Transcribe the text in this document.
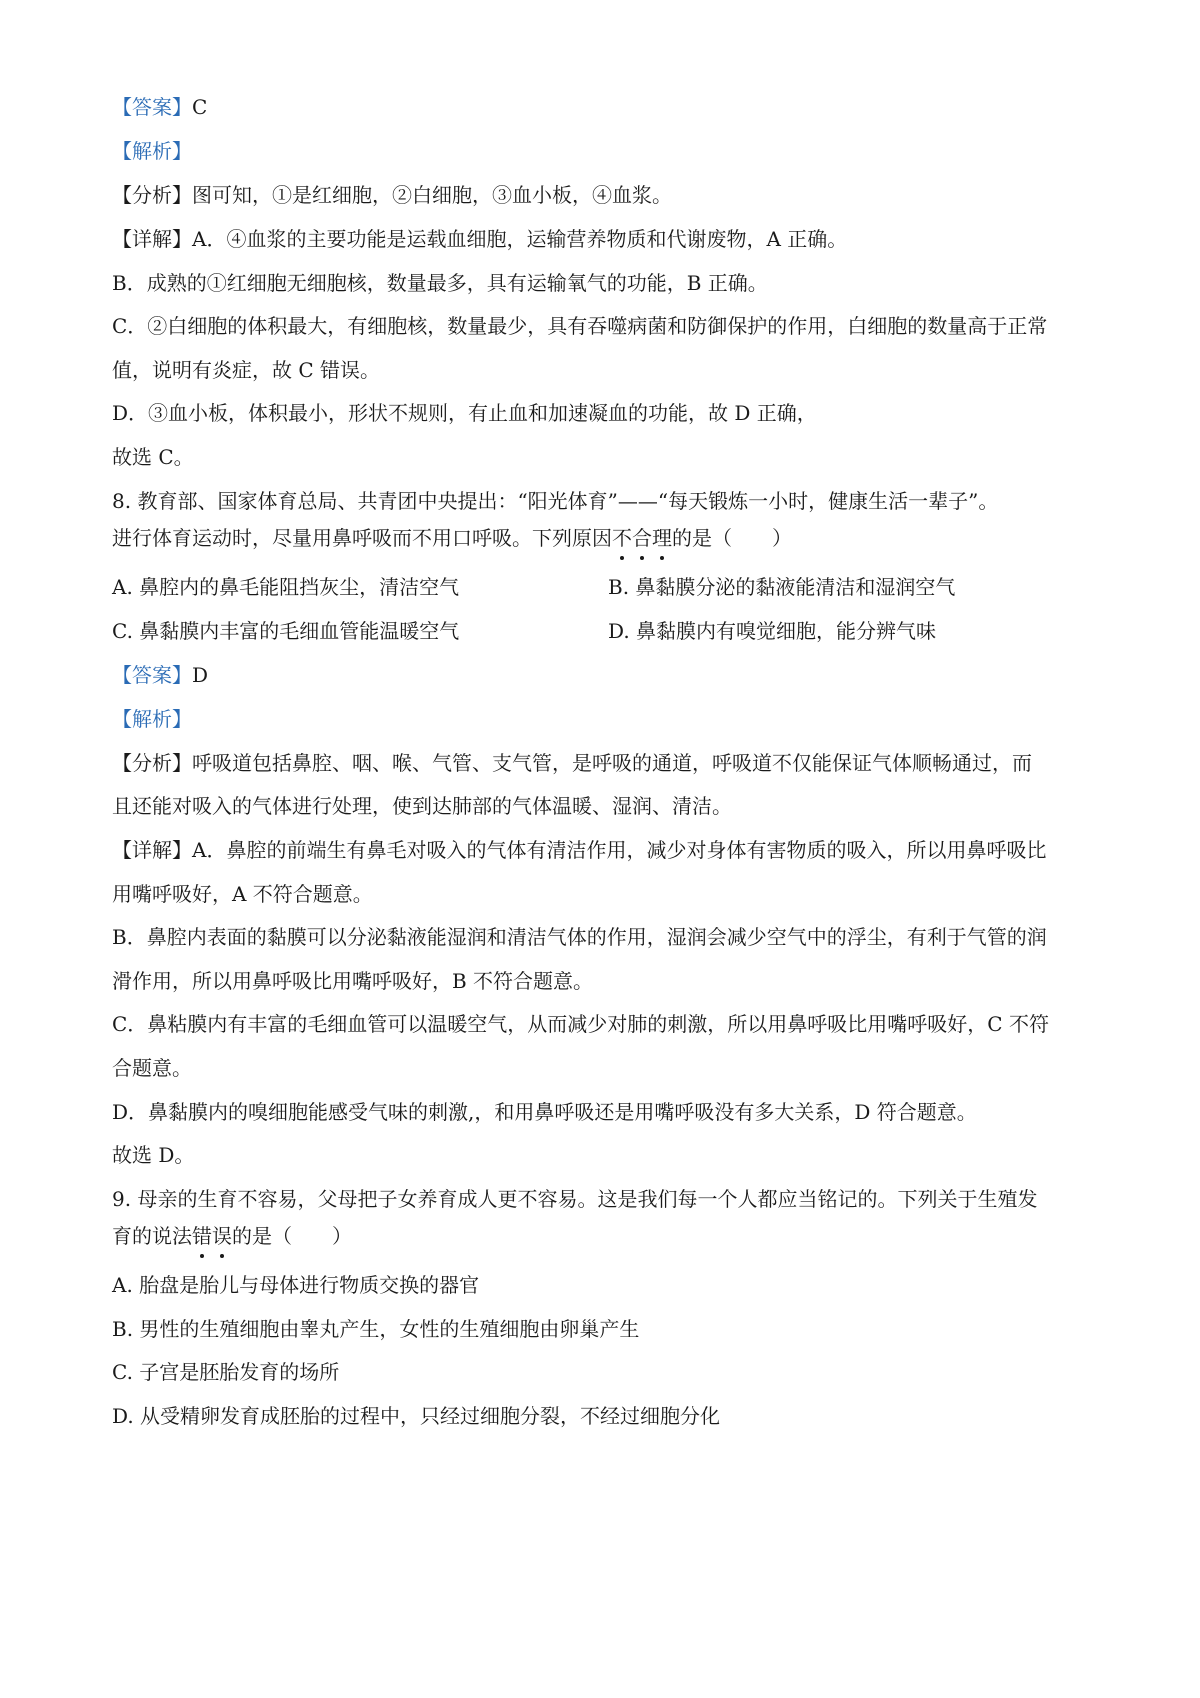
【答案】C
【解析】
【分析】图可知，①是红细胞，②白细胞，③血小板，④血浆。
【详解】A．④血浆的主要功能是运载血细胞，运输营养物质和代谢废物，A 正确。
B．成熟的①红细胞无细胞核，数量最多，具有运输氧气的功能，B 正确。
C．②白细胞的体积最大，有细胞核，数量最少，具有吞噬病菌和防御保护的作用，白细胞的数量高于正常
值，说明有炎症，故 C 错误。
D．③血小板，体积最小，形状不规则，有止血和加速凝血的功能，故 D 正确，
故选 C。
8. 教育部、国家体育总局、共青团中央提出：“阳光体育”——“每天锻炼一小时，健康生活一辈子”。
进行体育运动时，尽量用鼻呼吸而不用口呼吸。下列原因不合理的是（　　）
A. 鼻腔内的鼻毛能阻挡灰尘，清洁空气	B. 鼻黏膜分泌的黏液能清洁和湿润空气
C. 鼻黏膜内丰富的毛细血管能温暖空气	D. 鼻黏膜内有嗅觉细胞，能分辨气味
【答案】D
【解析】
【分析】呼吸道包括鼻腔、咽、喉、气管、支气管，是呼吸的通道，呼吸道不仅能保证气体顺畅通过，而
且还能对吸入的气体进行处理，使到达肺部的气体温暖、湿润、清洁。
【详解】A．鼻腔的前端生有鼻毛对吸入的气体有清洁作用，减少对身体有害物质的吸入，所以用鼻呼吸比
用嘴呼吸好，A 不符合题意。
B．鼻腔内表面的黏膜可以分泌黏液能湿润和清洁气体的作用，湿润会减少空气中的浮尘，有利于气管的润
滑作用，所以用鼻呼吸比用嘴呼吸好，B 不符合题意。
C．鼻粘膜内有丰富的毛细血管可以温暖空气，从而减少对肺的刺激，所以用鼻呼吸比用嘴呼吸好，C 不符
合题意。
D．鼻黏膜内的嗅细胞能感受气味的刺激,，和用鼻呼吸还是用嘴呼吸没有多大关系，D 符合题意。
故选 D。
9. 母亲的生育不容易，父母把子女养育成人更不容易。这是我们每一个人都应当铭记的。下列关于生殖发
育的说法错误的是（　　）
A. 胎盘是胎儿与母体进行物质交换的器官
B. 男性的生殖细胞由睾丸产生，女性的生殖细胞由卵巢产生
C. 子宫是胚胎发育的场所
D. 从受精卵发育成胚胎的过程中，只经过细胞分裂，不经过细胞分化
